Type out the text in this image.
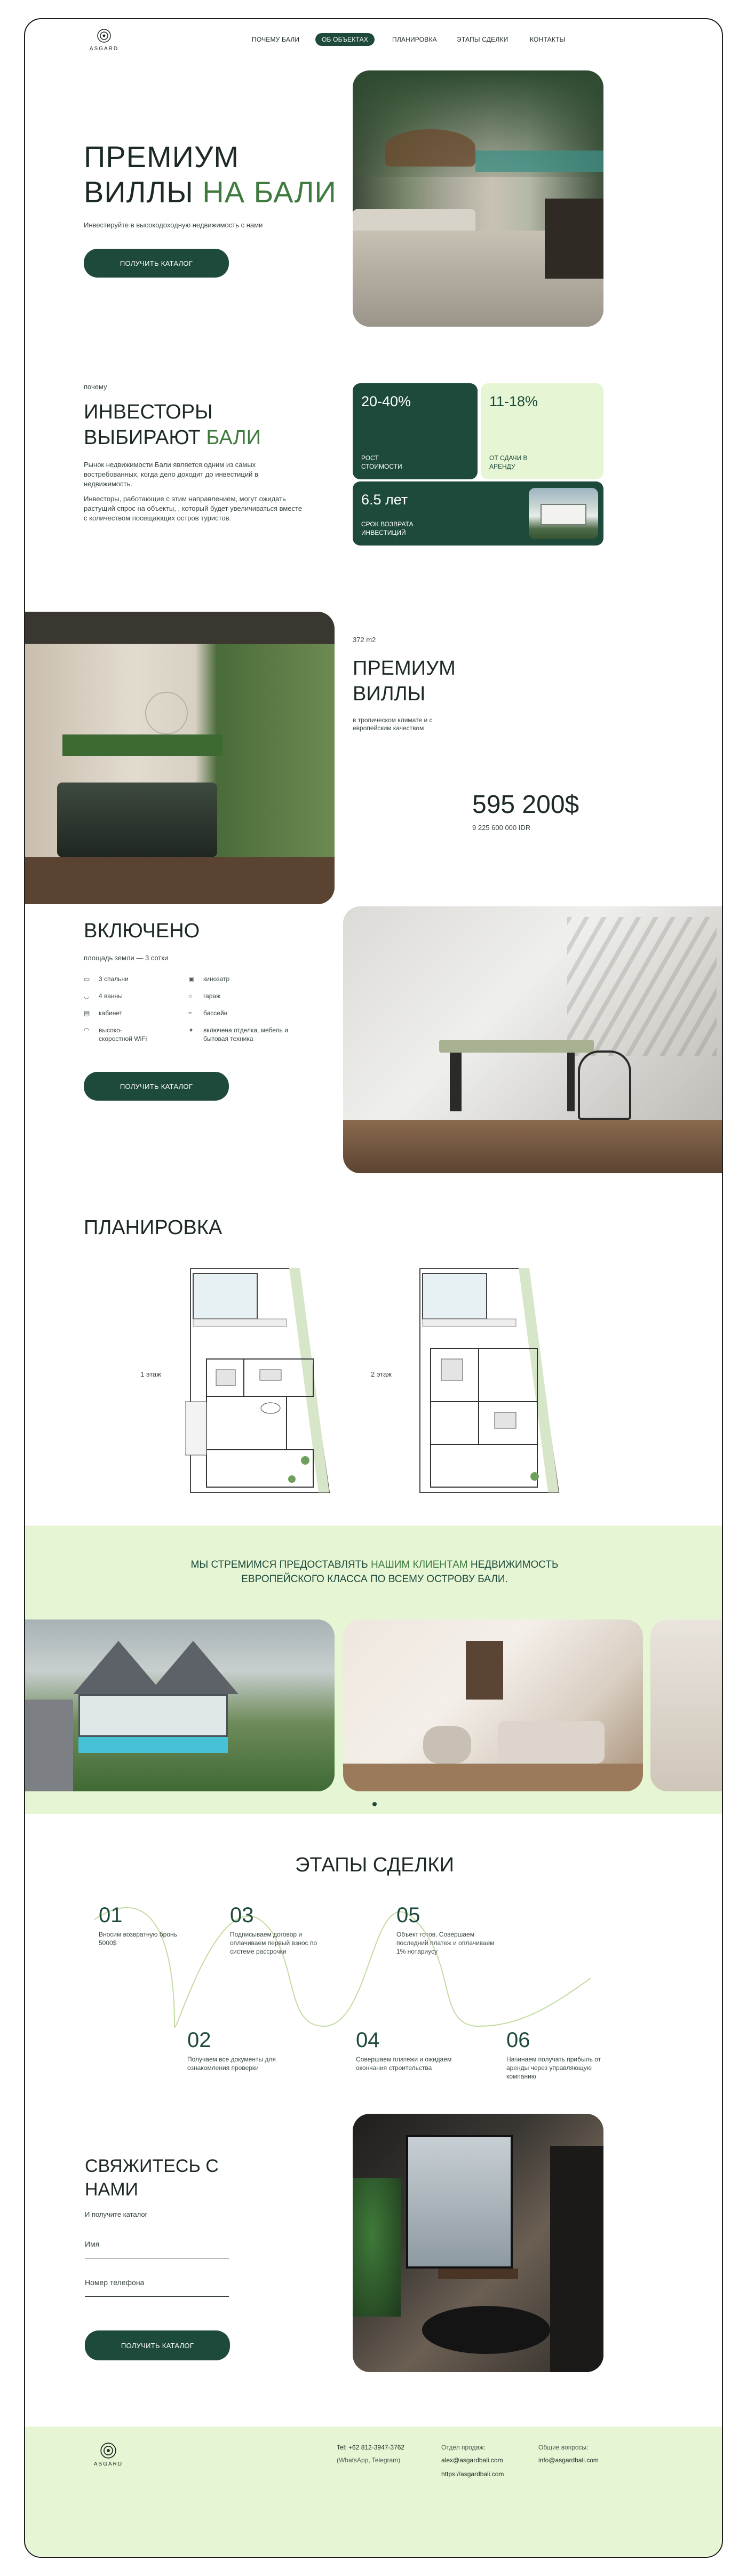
ASGARD
ПОЧЕМУ БАЛИ	ОБ ОБЪЕКТАХ	ПЛАНИРОВКА	ЭТАПЫ СДЕЛКИ	КОНТАКТЫ
ПРЕМИУМ
ВИЛЛЫ НА БАЛИ
Инвестируйте в высокодоходную недвижимость с нами
ПОЛУЧИТЬ КАТАЛОГ
почему
ИНВЕСТОРЫ
ВЫБИРАЮТ БАЛИ
Рынок недвижимости Бали является одним из самых востребованных, когда дело доходит до инвестиций в недвижимость.
Инвесторы, работающие с этим направлением, могут ожидать растущий спрос на объекты, , который будет увеличиваться вместе с количеством посещающих остров туристов.
20-40%
РОСТ СТОИМОСТИ
11-18%
ОТ СДАЧИ В АРЕНДУ
6.5 лет
СРОК ВОЗВРАТА ИНВЕСТИЦИЙ
372 m2
ПРЕМИУМ
ВИЛЛЫ
в тропическом климате и с европейским качеством
595 200$
9 225 600 000 IDR
ВКЛЮЧЕНО
площадь земли — 3 сотки
▭	3 спальни
◡	4 ванны
▤	кабинет
◠	высоко-скоростной WiFi
▣	кинозатр
⌂	гараж
≈	бассейн
✦	включена отделка, мебель и бытовая техника
ПОЛУЧИТЬ КАТАЛОГ
ПЛАНИРОВКА
1 этаж	2 этаж
МЫ СТРЕМИМСЯ ПРЕДОСТАВЛЯТЬ НАШИМ КЛИЕНТАМ НЕДВИЖИМОСТЬ
ЕВРОПЕЙСКОГО КЛАССА ПО ВСЕМУ ОСТРОВУ БАЛИ.
ЭТАПЫ СДЕЛКИ
01
Вносим возвратную бронь 5000$
02
Получаем все документы для ознакомления проверки
03
Подписываем договор и оплачиваем первый взнос по системе рассрочки
04
Совершаем платежи и ожидаем окончания строительства
05
Объект готов. Совершаем последний платеж и оплачиваем 1% нотариусу
06
Начинаем получать прибыль от аренды через управляющую компанию
СВЯЖИТЕСЬ С
НАМИ
И получите каталог
Имя
Номер телефона
ПОЛУЧИТЬ КАТАЛОГ
ASGARD
Tel: +62 812-3947-3762
(WhatsApp, Telegram)
Отдел продаж:
alex@asgardbali.com
https://asgardbali.com
Общие вопросы:
info@asgardbali.com
